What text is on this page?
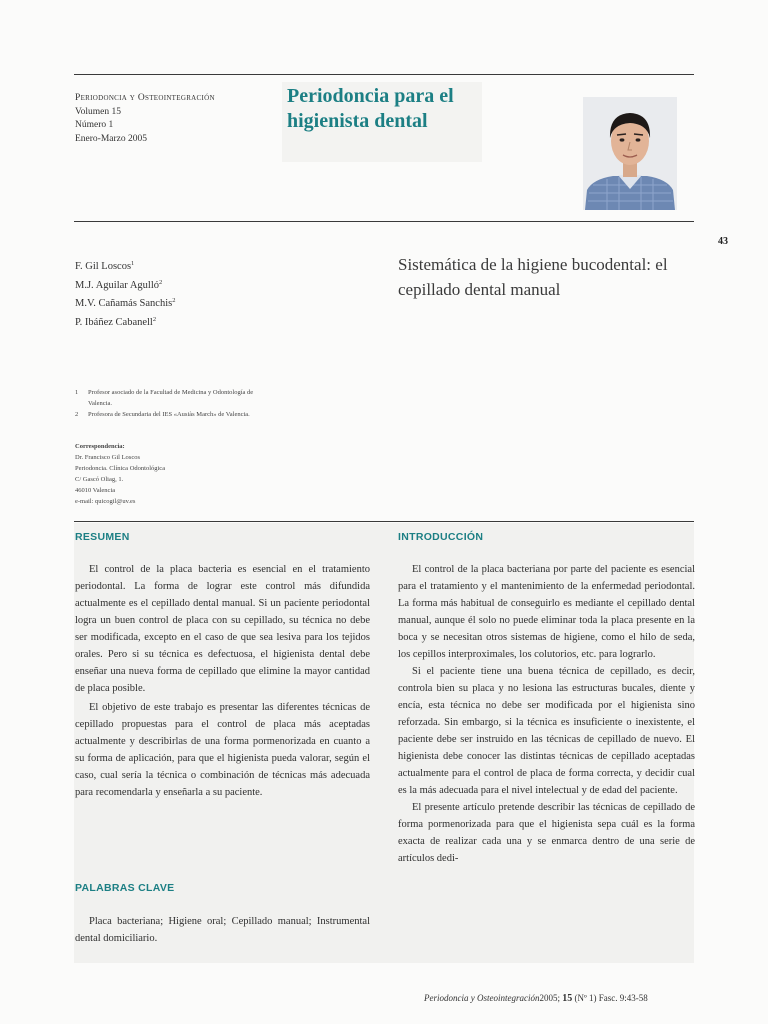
Periodoncia y Osteointegración
Volumen 15
Número 1
Enero-Marzo 2005
Periodoncia para el
higienista dental
43
F. Gil Loscos$^1$
M.J. Aguilar Agulló$^2$
M.V. Cañamás Sanchis$^2$
P. Ibáñez Cabanell$^2$
Sistemática de la higiene bucodental: el cepillado dental manual
1	Profesor asociado de la Facultad de Medicina y Odontología de Valencia.
2	Profesora de Secundaria del IES «Ausiàs March» de Valencia.
Correspondencia:
Dr. Francisco Gil Loscos
Periodoncia. Clínica Odontológica
C/ Gascó Oliag, 1.
46010 Valencia
e-mail: quicogil@uv.es
RESUMEN

El control de la placa bacteria es esencial en el tratamiento periodontal. La forma de lograr este control más difundida actualmente es el cepillado dental manual. Si un paciente periodontal logra un buen control de placa con su cepillado, su técnica no debe ser modificada, excepto en el caso de que sea lesiva para los tejidos orales. Pero si su técnica es defectuosa, el higienista dental debe enseñar una nueva forma de cepillado que elimine la mayor cantidad de placa posible.

El objetivo de este trabajo es presentar las diferentes técnicas de cepillado propuestas para el control de placa más aceptadas actualmente y describirlas de una forma pormenorizada en cuanto a su forma de aplicación, para que el higienista pueda valorar, según el caso, cual sería la técnica o combinación de técnicas más adecuada para recomendarla y enseñarla a su paciente.

PALABRAS CLAVE

Placa bacteriana; Higiene oral; Cepillado manual; Instrumental dental domiciliario.

INTRODUCCIÓN

El control de la placa bacteriana por parte del paciente es esencial para el tratamiento y el mantenimiento de la enfermedad periodontal. La forma más habitual de conseguirlo es mediante el cepillado dental manual, aunque él solo no puede eliminar toda la placa presente en la boca y se necesitan otros sistemas de higiene, como el hilo de seda, los cepillos interproximales, los colutorios, etc. para lograrlo.

Si el paciente tiene una buena técnica de cepillado, es decir, controla bien su placa y no lesiona las estructuras bucales, diente y encía, esta técnica no debe ser modificada por el higienista sino reforzada. Sin embargo, si la técnica es insuficiente o inexistente, el paciente debe ser instruido en las técnicas de cepillado de nuevo. El higienista debe conocer las distintas técnicas de cepillado aceptadas actualmente para el control de placa de forma correcta, y decidir cual es la más adecuada para el nivel intelectual y de edad del paciente.

El presente artículo pretende describir las técnicas de cepillado de forma pormenorizada para que el higienista sepa cuál es la forma exacta de realizar cada una y se enmarca dentro de una serie de artículos dedi-

Periodoncia y Osteointegración2005; 15 (Nº 1) Fasc. 9:43-58
